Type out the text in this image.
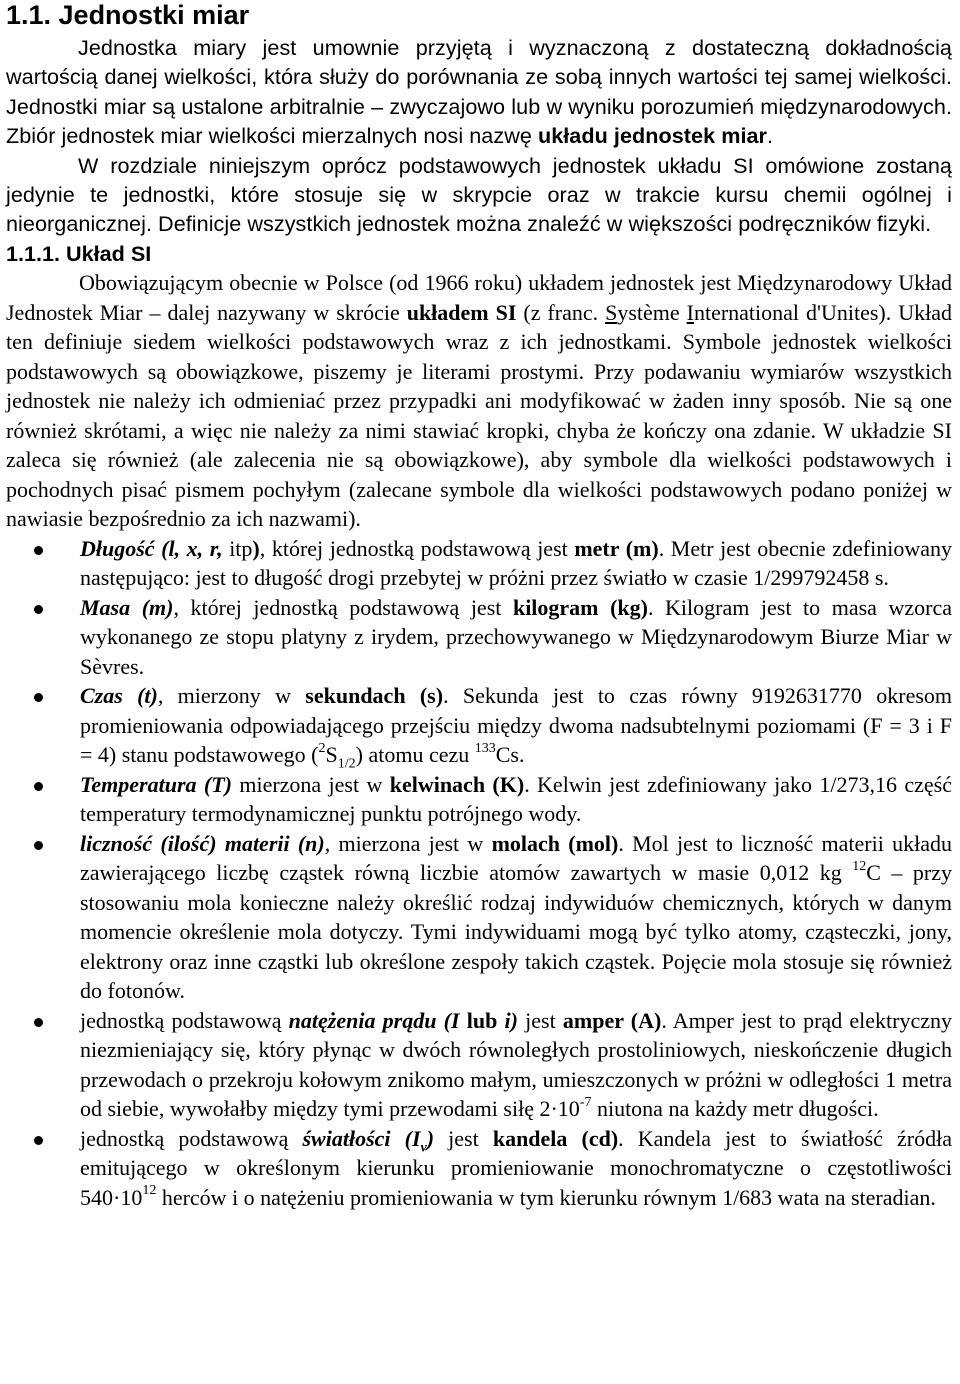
1.1. Jednostki miar

Jednostka miary jest umownie przyjętą i wyznaczoną z dostateczną dokładnością wartością danej wielkości, która służy do porównania ze sobą innych wartości tej samej wielkości. Jednostki miar są ustalone arbitralnie – zwyczajowo lub w wyniku porozumień międzynarodowych. Zbiór jednostek miar wielkości mierzalnych nosi nazwę układu jednostek miar.

W rozdziale niniejszym oprócz podstawowych jednostek układu SI omówione zostaną jedynie te jednostki, które stosuje się w skrypcie oraz w trakcie kursu chemii ogólnej i nieorganicznej. Definicje wszystkich jednostek można znaleźć w większości podręczników fizyki.

1.1.1. Układ SI

Obowiązującym obecnie w Polsce (od 1966 roku) układem jednostek jest Międzynarodowy Układ Jednostek Miar – dalej nazywany w skrócie układem SI (z franc. Système International d'Unites). Układ ten definiuje siedem wielkości podstawowych wraz z ich jednostkami. Symbole jednostek wielkości podstawowych są obowiązkowe, piszemy je literami prostymi. Przy podawaniu wymiarów wszystkich jednostek nie należy ich odmieniać przez przypadki ani modyfikować w żaden inny sposób. Nie są one również skrótami, a więc nie należy za nimi stawiać kropki, chyba że kończy ona zdanie. W układzie SI zaleca się również (ale zalecenia nie są obowiązkowe), aby symbole dla wielkości podstawowych i pochodnych pisać pismem pochyłym (zalecane symbole dla wielkości podstawowych podano poniżej w nawiasie bezpośrednio za ich nazwami).

Długość (l, x, r, itp), której jednostką podstawową jest metr (m). Metr jest obecnie zdefiniowany następująco: jest to długość drogi przebytej w próżni przez światło w czasie 1/299792458 s.
Masa (m), której jednostką podstawową jest kilogram (kg). Kilogram jest to masa wzorca wykonanego ze stopu platyny z irydem, przechowywanego w Międzynarodowym Biurze Miar w Sèvres.
Czas (t), mierzony w sekundach (s). Sekunda jest to czas równy 9192631770 okresom promieniowania odpowiadającego przejściu między dwoma nadsubtelnymi poziomami (F = 3 i F = 4) stanu podstawowego $(^2S_{1/2})$ atomu cezu $^{133}$Cs.
Temperatura (T) mierzona jest w kelwinach (K). Kelwin jest zdefiniowany jako 1/273,16 część temperatury termodynamicznej punktu potrójnego wody.
liczność (ilość) materii (n), mierzona jest w molach (mol). Mol jest to liczność materii układu zawierającego liczbę cząstek równą liczbie atomów zawartych w masie 0,012 kg $^{12}$C – przy stosowaniu mola konieczne należy określić rodzaj indywiduów chemicznych, których w danym momencie określenie mola dotyczy. Tymi indywiduami mogą być tylko atomy, cząsteczki, jony, elektrony oraz inne cząstki lub określone zespoły takich cząstek. Pojęcie mola stosuje się również do fotonów.
jednostką podstawową natężenia prądu (I lub i) jest amper (A). Amper jest to prąd elektryczny niezmieniający się, który płynąc w dwóch równoległych prostoliniowych, nieskończenie długich przewodach o przekroju kołowym znikomo małym, umieszczonych w próżni w odległości 1 metra od siebie, wywołałby między tymi przewodami siłę $2\cdot 10^{-7}$ niutona na każdy metr długości.
jednostką podstawową światłości $(I_v)$ jest kandela (cd). Kandela jest to światłość źródła emitującego w określonym kierunku promieniowanie monochromatyczne o częstotliwości $540\cdot 10^{12}$ herców i o natężeniu promieniowania w tym kierunku równym 1/683 wata na steradian.
